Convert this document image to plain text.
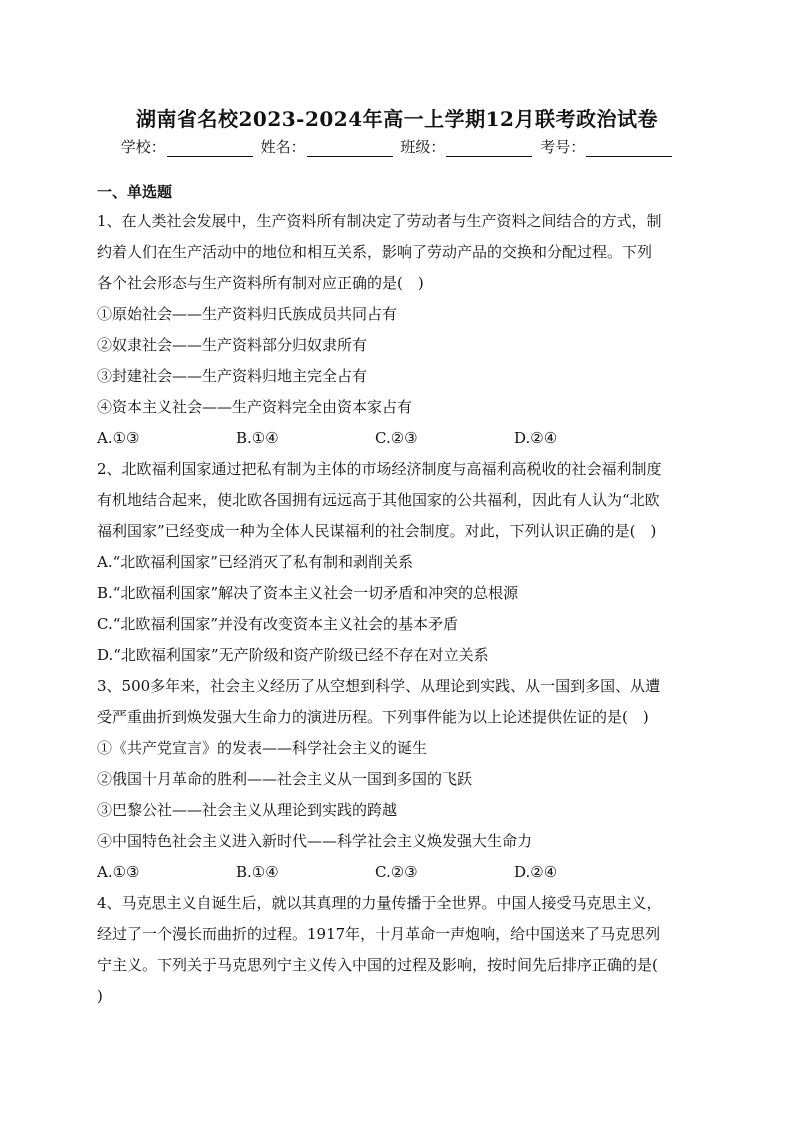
湖南省名校2023-2024年高一上学期12月联考政治试卷
学校：	姓名：	班级：	考号：
一、单选题

1、在人类社会发展中，生产资料所有制决定了劳动者与生产资料之间结合的方式，制

约着人们在生产活动中的地位和相互关系，影响了劳动产品的交换和分配过程。下列

各个社会形态与生产资料所有制对应正确的是(　)

①原始社会——生产资料归氏族成员共同占有

②奴隶社会——生产资料部分归奴隶所有

③封建社会——生产资料归地主完全占有

④资本主义社会——生产资料完全由资本家占有

A.①③	B.①④	C.②③	D.②④

2、北欧福利国家通过把私有制为主体的市场经济制度与高福利高税收的社会福利制度

有机地结合起来，使北欧各国拥有远远高于其他国家的公共福利，因此有人认为“北欧

福利国家”已经变成一种为全体人民谋福利的社会制度。对此，下列认识正确的是(　)

A.“北欧福利国家”已经消灭了私有制和剥削关系

B.“北欧福利国家”解决了资本主义社会一切矛盾和冲突的总根源

C.“北欧福利国家”并没有改变资本主义社会的基本矛盾

D.“北欧福利国家”无产阶级和资产阶级已经不存在对立关系

3、500多年来，社会主义经历了从空想到科学、从理论到实践、从一国到多国、从遭

受严重曲折到焕发强大生命力的演进历程。下列事件能为以上论述提供佐证的是(　)

①《共产党宣言》的发表——科学社会主义的诞生

②俄国十月革命的胜利——社会主义从一国到多国的飞跃

③巴黎公社——社会主义从理论到实践的跨越

④中国特色社会主义进入新时代——科学社会主义焕发强大生命力

A.①③	B.①④	C.②③	D.②④

4、马克思主义自诞生后，就以其真理的力量传播于全世界。中国人接受马克思主义，

经过了一个漫长而曲折的过程。1917年，十月革命一声炮响，给中国送来了马克思列

宁主义。下列关于马克思列宁主义传入中国的过程及影响，按时间先后排序正确的是(

)
